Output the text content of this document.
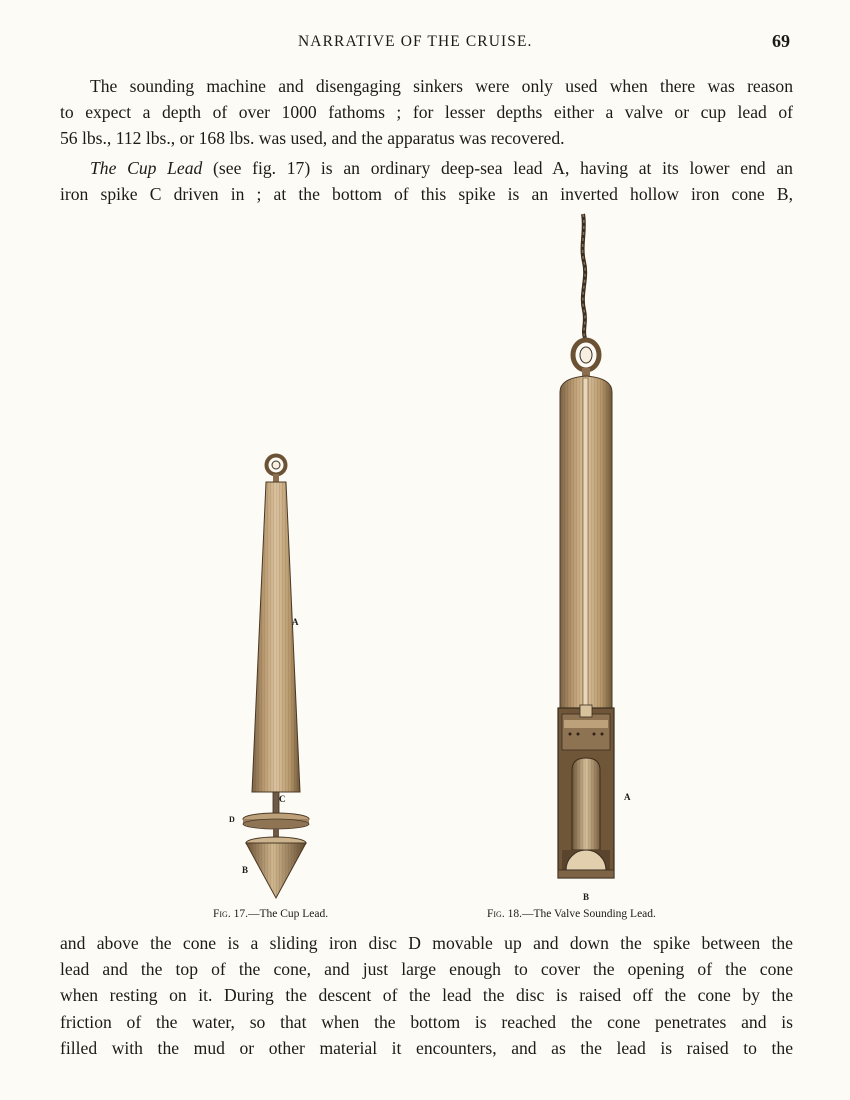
NARRATIVE OF THE CRUISE.	69
The sounding machine and disengaging sinkers were only used when there was reason
to expect a depth of over 1000 fathoms ; for lesser depths either a valve or cup lead of
56 lbs., 112 lbs., or 168 lbs. was used, and the apparatus was recovered.
The Cup Lead (see fig. 17) is an ordinary deep-sea lead A, having at its lower end an
iron spike C driven in ; at the bottom of this spike is an inverted hollow iron cone B,
A
C
D
B
A
B
Fig. 17.—The Cup Lead.	Fig. 18.—The Valve Sounding Lead.
and above the cone is a sliding iron disc D movable up and down the spike between the
lead and the top of the cone, and just large enough to cover the opening of the cone
when resting on it. During the descent of the lead the disc is raised off the cone by the
friction of the water, so that when the bottom is reached the cone penetrates and is
filled with the mud or other material it encounters, and as the lead is raised to the
